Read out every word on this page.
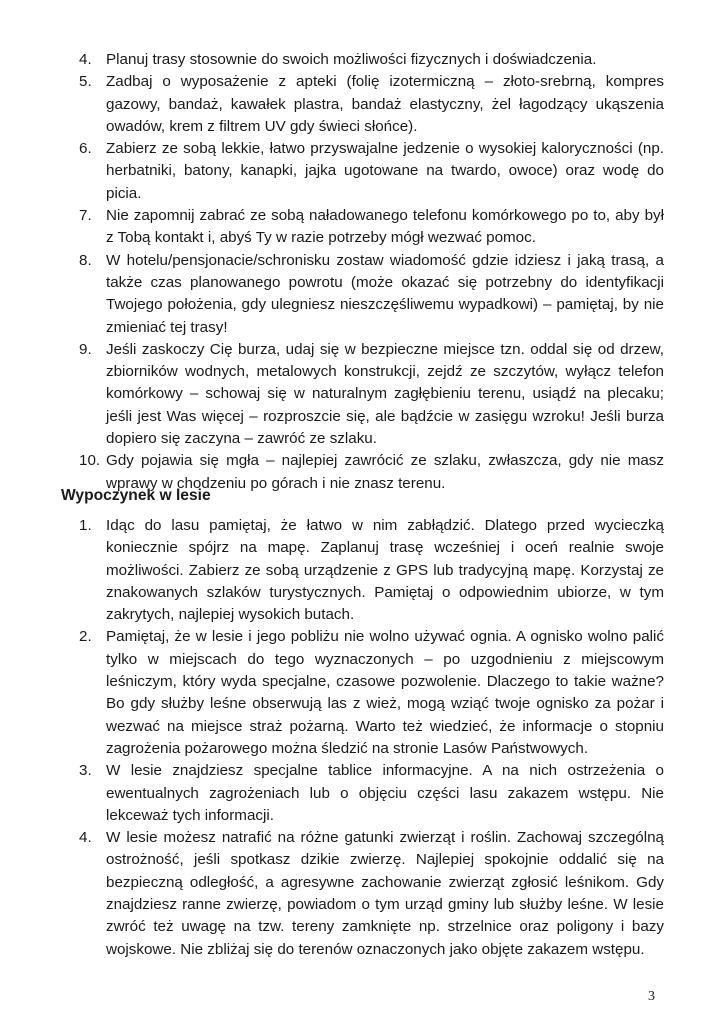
4. Planuj trasy stosownie do swoich możliwości fizycznych i doświadczenia.
5. Zadbaj o wyposażenie z apteki (folię izotermiczną – złoto-srebrną, kompres gazowy, bandaż, kawałek plastra, bandaż elastyczny, żel łagodzący ukąszenia owadów, krem z filtrem UV gdy świeci słońce).
6. Zabierz ze sobą lekkie, łatwo przyswajalne jedzenie o wysokiej kaloryczności (np. herbatniki, batony, kanapki, jajka ugotowane na twardo, owoce) oraz wodę do picia.
7. Nie zapomnij zabrać ze sobą naładowanego telefonu komórkowego po to, aby był z Tobą kontakt i, abyś Ty w razie potrzeby mógł wezwać pomoc.
8. W hotelu/pensjonacie/schronisku zostaw wiadomość gdzie idziesz i jaką trasą, a także czas planowanego powrotu (może okazać się potrzebny do identyfikacji Twojego położenia, gdy ulegniesz nieszczęśliwemu wypadkowi) – pamiętaj, by nie zmieniać tej trasy!
9. Jeśli zaskoczy Cię burza, udaj się w bezpieczne miejsce tzn. oddal się od drzew, zbiorników wodnych, metalowych konstrukcji, zejdź ze szczytów, wyłącz telefon komórkowy – schowaj się w naturalnym zagłębieniu terenu, usiądź na plecaku; jeśli jest Was więcej – rozproszcie się, ale bądźcie w zasięgu wzroku! Jeśli burza dopiero się zaczyna – zawróć ze szlaku.
10. Gdy pojawia się mgła – najlepiej zawrócić ze szlaku, zwłaszcza, gdy nie masz wprawy w chodzeniu po górach i nie znasz terenu.
Wypoczynek w lesie
1. Idąc do lasu pamiętaj, że łatwo w nim zabłądzić. Dlatego przed wycieczką koniecznie spójrz na mapę. Zaplanuj trasę wcześniej i oceń realnie swoje możliwości. Zabierz ze sobą urządzenie z GPS lub tradycyjną mapę. Korzystaj ze znakowanych szlaków turystycznych. Pamiętaj o odpowiednim ubiorze, w tym zakrytych, najlepiej wysokich butach.
2. Pamiętaj, że w lesie i jego pobliżu nie wolno używać ognia. A ognisko wolno palić tylko w miejscach do tego wyznaczonych – po uzgodnieniu z miejscowym leśniczym, który wyda specjalne, czasowe pozwolenie. Dlaczego to takie ważne? Bo gdy służby leśne obserwują las z wież, mogą wziąć twoje ognisko za pożar i wezwać na miejsce straż pożarną. Warto też wiedzieć, że informacje o stopniu zagrożenia pożarowego można śledzić na stronie Lasów Państwowych.
3. W lesie znajdziesz specjalne tablice informacyjne. A na nich ostrzeżenia o ewentualnych zagrożeniach lub o objęciu części lasu zakazem wstępu. Nie lekceważ tych informacji.
4. W lesie możesz natrafić na różne gatunki zwierząt i roślin. Zachowaj szczególną ostrożność, jeśli spotkasz dzikie zwierzę. Najlepiej spokojnie oddalić się na bezpieczną odległość, a agresywne zachowanie zwierząt zgłosić leśnikom. Gdy znajdziesz ranne zwierzę, powiadom o tym urząd gminy lub służby leśne. W lesie zwróć też uwagę na tzw. tereny zamknięte np. strzelnice oraz poligony i bazy wojskowe. Nie zbliżaj się do terenów oznaczonych jako objęte zakazem wstępu.
3
